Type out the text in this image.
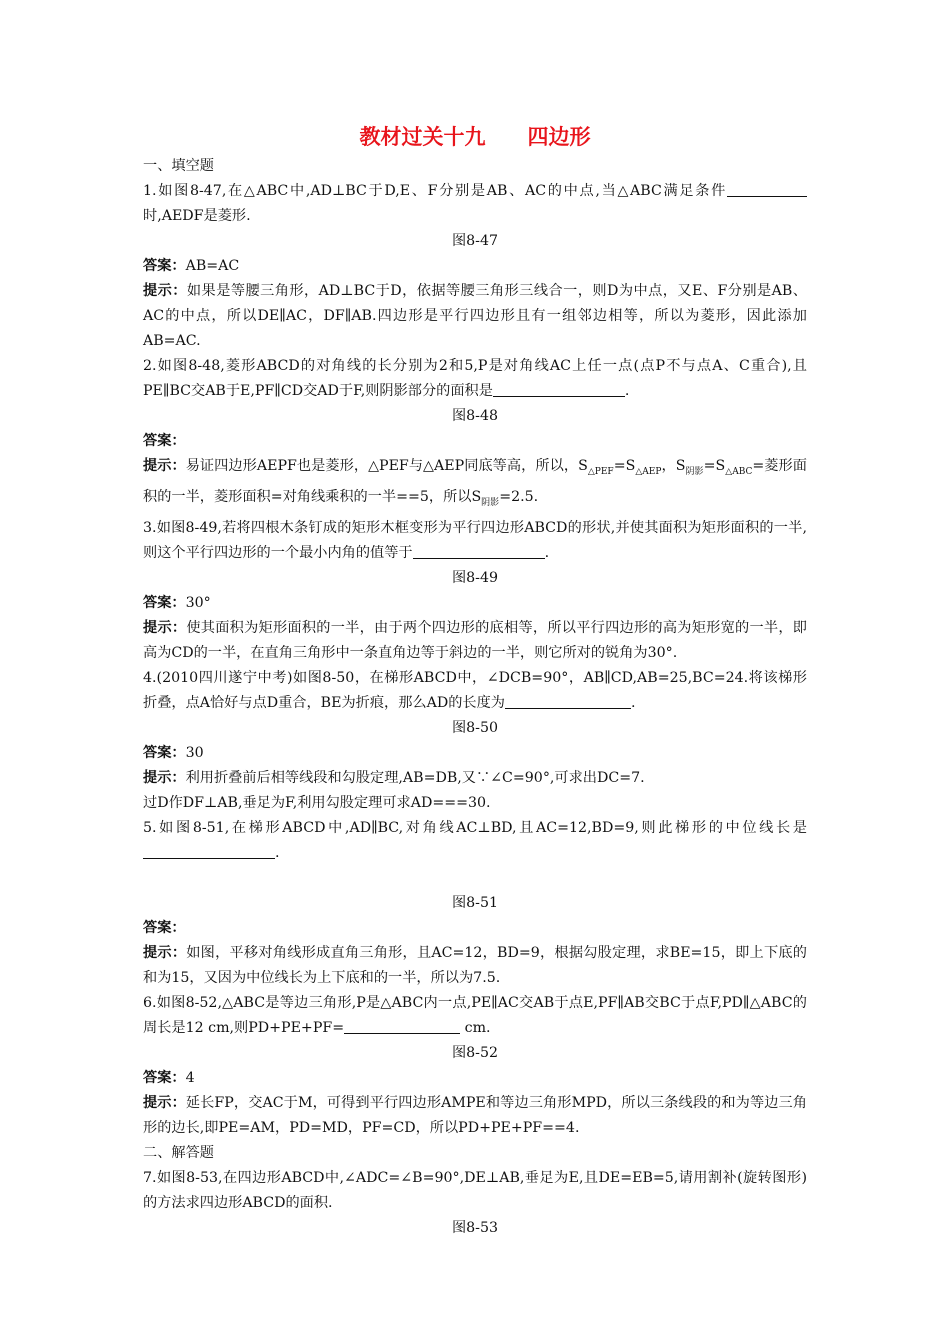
教材过关十九　　四边形
一、填空题
1.如图8-47,在△ABC中,AD⊥BC于D,E、F分别是AB、AC的中点,当△ABC满足条件时,AEDF是菱形.
图8-47
答案：AB=AC
提示：如果是等腰三角形，AD⊥BC于D，依据等腰三角形三线合一，则D为中点，又E、F分别是AB、AC的中点，所以DE∥AC，DF∥AB.四边形是平行四边形且有一组邻边相等，所以为菱形，因此添加AB=AC.
2.如图8-48,菱形ABCD的对角线的长分别为2和5,P是对角线AC上任一点(点P不与点A、C重合),且PE∥BC交AB于E,PF∥CD交AD于F,则阴影部分的面积是	.
图8-48
答案：
提示：易证四边形AEPF也是菱形，△PEF与△AEP同底等高，所以，$S_{\triangle PEF}=S_{\triangle AEP}$，$S_{阴影}=S_{\triangle ABC}=$菱形面积的一半，菱形面积=对角线乘积的一半==5，所以$S_{阴影}=2.5$.
3.如图8-49,若将四根木条钉成的矩形木框变形为平行四边形ABCD的形状,并使其面积为矩形面积的一半,则这个平行四边形的一个最小内角的值等于	.
图8-49
答案：30°
提示：使其面积为矩形面积的一半，由于两个四边形的底相等，所以平行四边形的高为矩形宽的一半，即高为CD的一半，在直角三角形中一条直角边等于斜边的一半，则它所对的锐角为30°.
4.(2010四川遂宁中考)如图8-50，在梯形ABCD中，∠DCB=90°，AB∥CD,AB=25,BC=24.将该梯形折叠，点A恰好与点D重合，BE为折痕，那么AD的长度为	.
图8-50
答案：30
提示：利用折叠前后相等线段和勾股定理,AB=DB,又∵∠C=90°,可求出DC=7.
过D作DF⊥AB,垂足为F,利用勾股定理可求AD===30.
5.如图8-51,在梯形ABCD中,AD∥BC,对角线AC⊥BD,且AC=12,BD=9,则此梯形的中位线长是.
图8-51
答案：
提示：如图，平移对角线形成直角三角形，且AC=12，BD=9，根据勾股定理，求BE=15，即上下底的和为15，又因为中位线长为上下底和的一半，所以为7.5.
6.如图8-52,△ABC是等边三角形,P是△ABC内一点,PE∥AC交AB于点E,PF∥AB交BC于点F,PD∥△ABC的周长是12 cm,则PD+PE+PF=	cm.
图8-52
答案：4
提示：延长FP，交AC于M，可得到平行四边形AMPE和等边三角形MPD，所以三条线段的和为等边三角形的边长,即PE=AM，PD=MD，PF=CD，所以PD+PE+PF==4.
二、解答题
7.如图8-53,在四边形ABCD中,∠ADC=∠B=90°,DE⊥AB,垂足为E,且DE=EB=5,请用割补(旋转图形)的方法求四边形ABCD的面积.
图8-53
